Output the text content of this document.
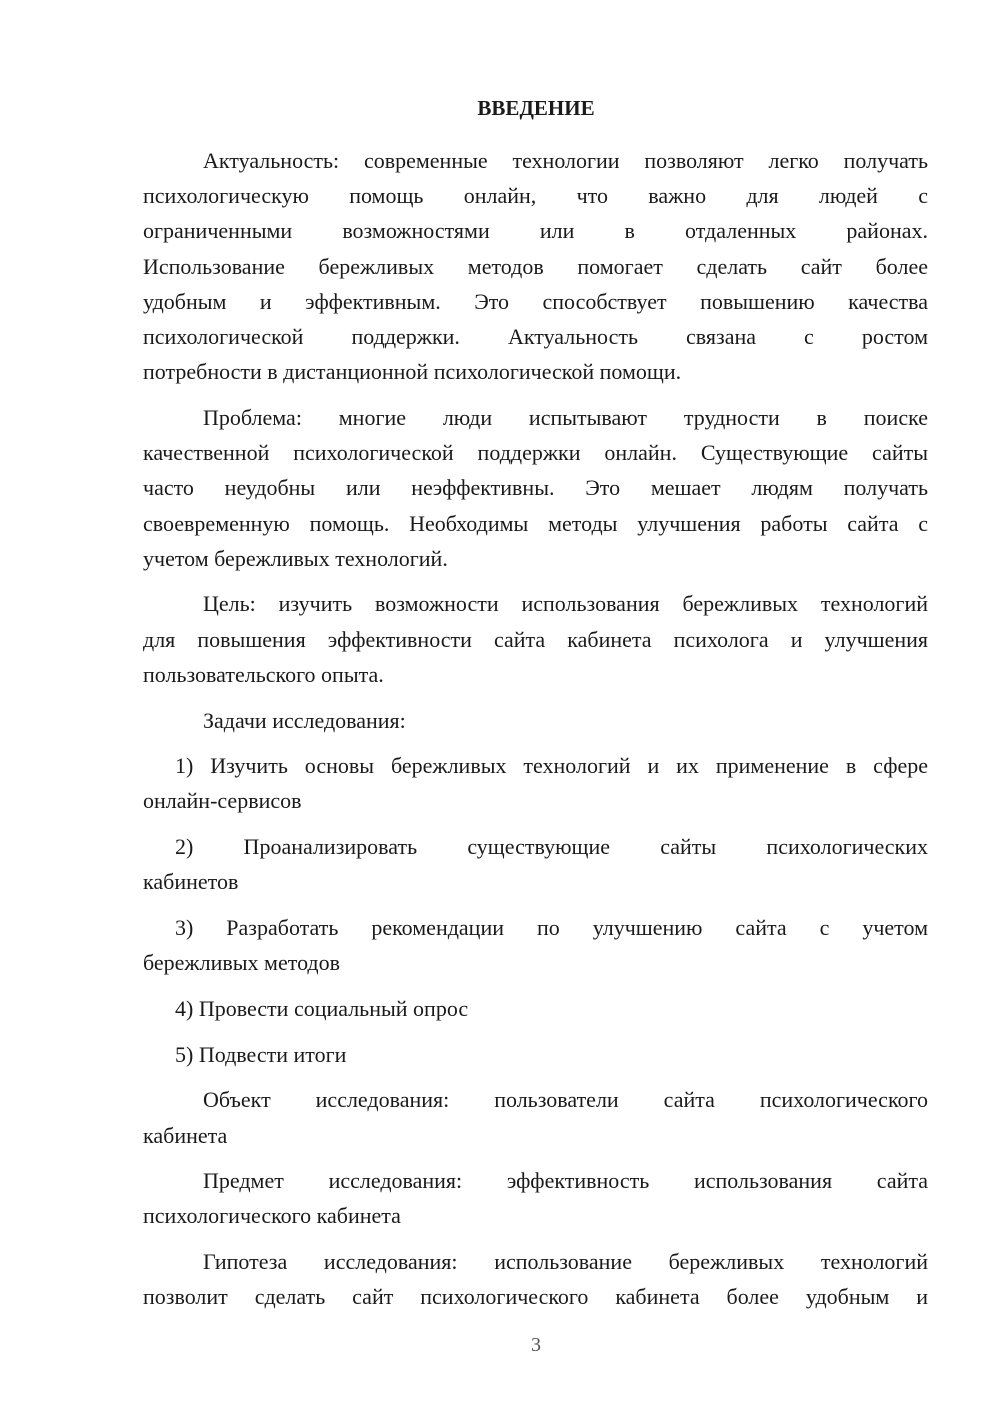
ВВЕДЕНИЕ
Актуальность: современные технологии позволяют легко получать
психологическую помощь онлайн, что важно для людей с
ограниченными возможностями или в отдаленных районах.
Использование бережливых методов помогает сделать сайт более
удобным и эффективным. Это способствует повышению качества
психологической поддержки. Актуальность связана с ростом
потребности в дистанционной психологической помощи.
Проблема: многие люди испытывают трудности в поиске
качественной психологической поддержки онлайн. Существующие сайты
часто неудобны или неэффективны. Это мешает людям получать
своевременную помощь. Необходимы методы улучшения работы сайта с
учетом бережливых технологий.
Цель: изучить возможности использования бережливых технологий
для повышения эффективности сайта кабинета психолога и улучшения
пользовательского опыта.
Задачи исследования:
1) Изучить основы бережливых технологий и их применение в сфере
онлайн-сервисов
2) Проанализировать существующие сайты психологических
кабинетов
3) Разработать рекомендации по улучшению сайта с учетом
бережливых методов
4) Провести социальный опрос
5) Подвести итоги
Объект исследования: пользователи сайта психологического
кабинета
Предмет исследования: эффективность использования сайта
психологического кабинета
Гипотеза исследования: использование бережливых технологий
позволит сделать сайт психологического кабинета более удобным и
3
